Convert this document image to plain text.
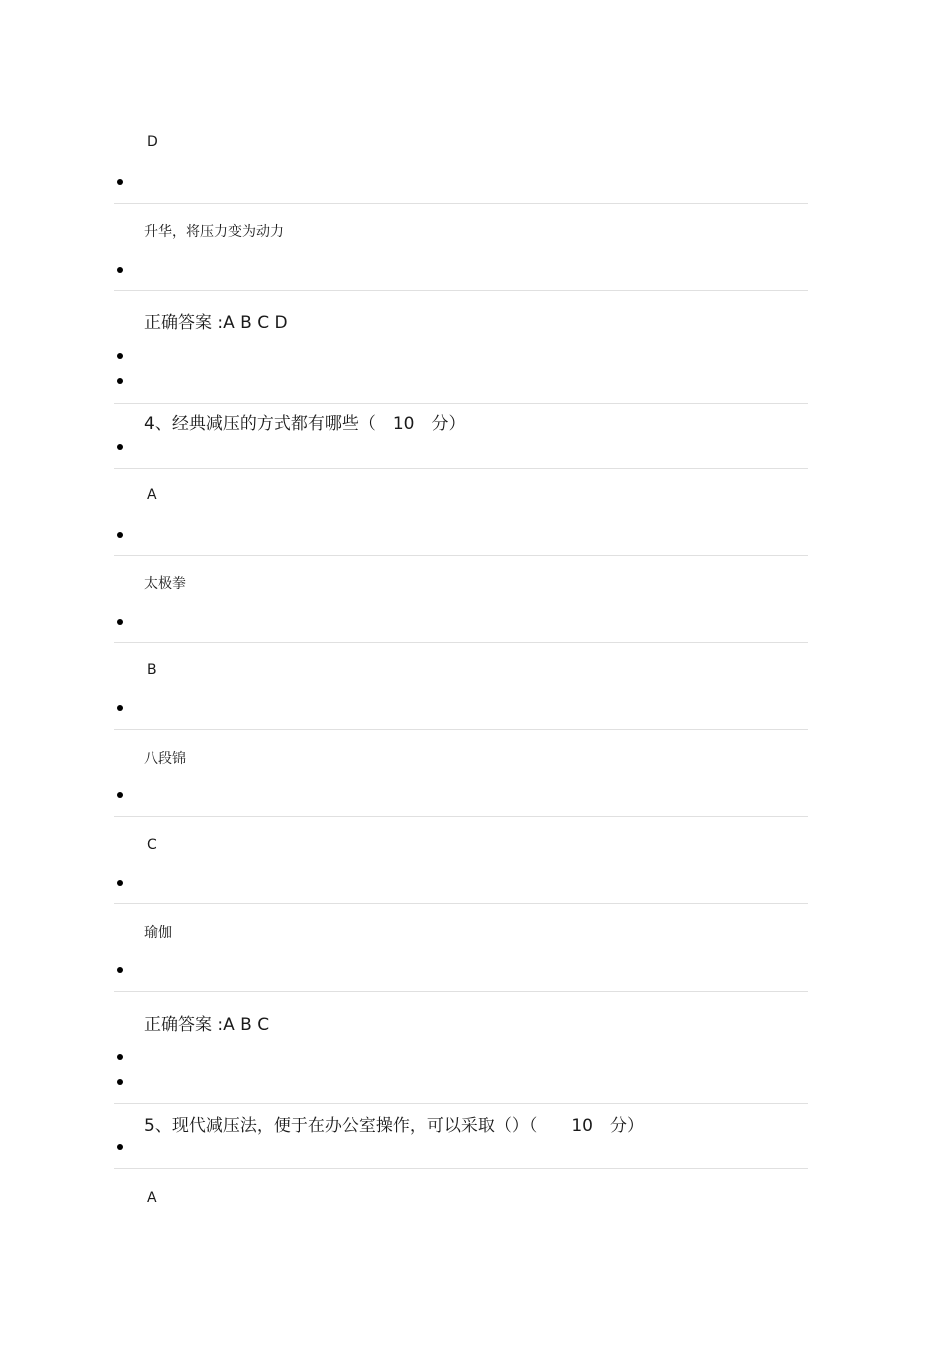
D
升华，将压力变为动力
正确答案 :A B C D
4、经典减压的方式都有哪些（　10　分）
A
太极拳
B
八段锦
C
瑜伽
正确答案 :A B C
5、现代减压法，便于在办公室操作，可以采取（）（　　10　分）
A
